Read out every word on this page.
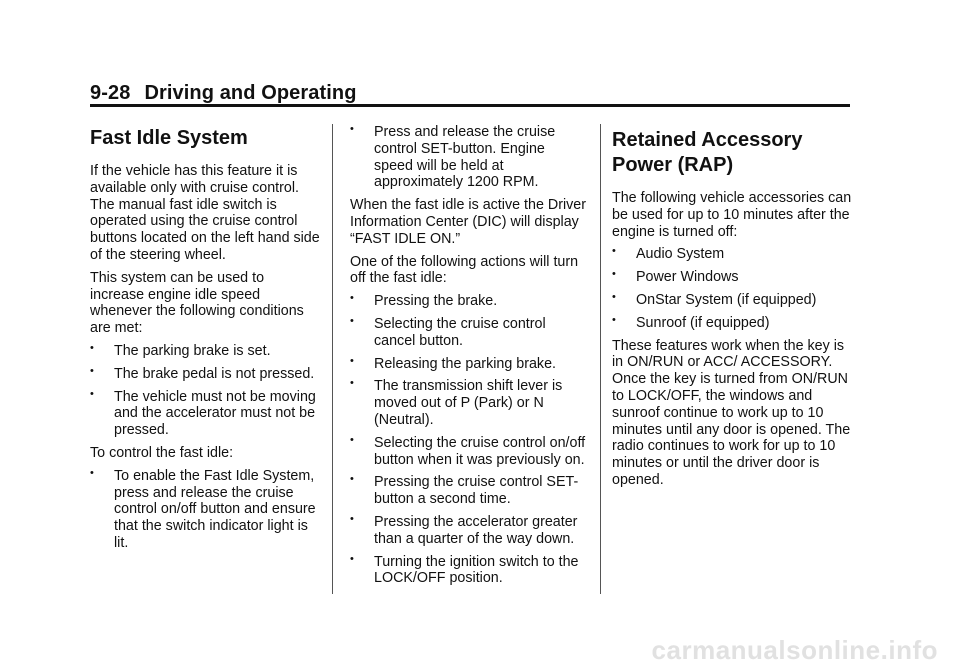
9-28 Driving and Operating
Fast Idle System

If the vehicle has this feature it is available only with cruise control. The manual fast idle switch is operated using the cruise control buttons located on the left hand side of the steering wheel.

This system can be used to increase engine idle speed whenever the following conditions are met:

• The parking brake is set.
• The brake pedal is not pressed.
• The vehicle must not be moving and the accelerator must not be pressed.

To control the fast idle:

• To enable the Fast Idle System, press and release the cruise control on/off button and ensure that the switch indicator light is lit.
• Press and release the cruise control SET-button. Engine speed will be held at approximately 1200 RPM.

When the fast idle is active the Driver Information Center (DIC) will display “FAST IDLE ON.”

One of the following actions will turn off the fast idle:

• Pressing the brake.
• Selecting the cruise control cancel button.
• Releasing the parking brake.
• The transmission shift lever is moved out of P (Park) or N (Neutral).
• Selecting the cruise control on/off button when it was previously on.
• Pressing the cruise control SET-button a second time.
• Pressing the accelerator greater than a quarter of the way down.
• Turning the ignition switch to the LOCK/OFF position.
Retained Accessory Power (RAP)

The following vehicle accessories can be used for up to 10 minutes after the engine is turned off:

• Audio System
• Power Windows
• OnStar System (if equipped)
• Sunroof (if equipped)

These features work when the key is in ON/RUN or ACC/ ACCESSORY. Once the key is turned from ON/RUN to LOCK/OFF, the windows and sunroof continue to work up to 10 minutes until any door is opened. The radio continues to work for up to 10 minutes or until the driver door is opened.

carmanualsonline.info
